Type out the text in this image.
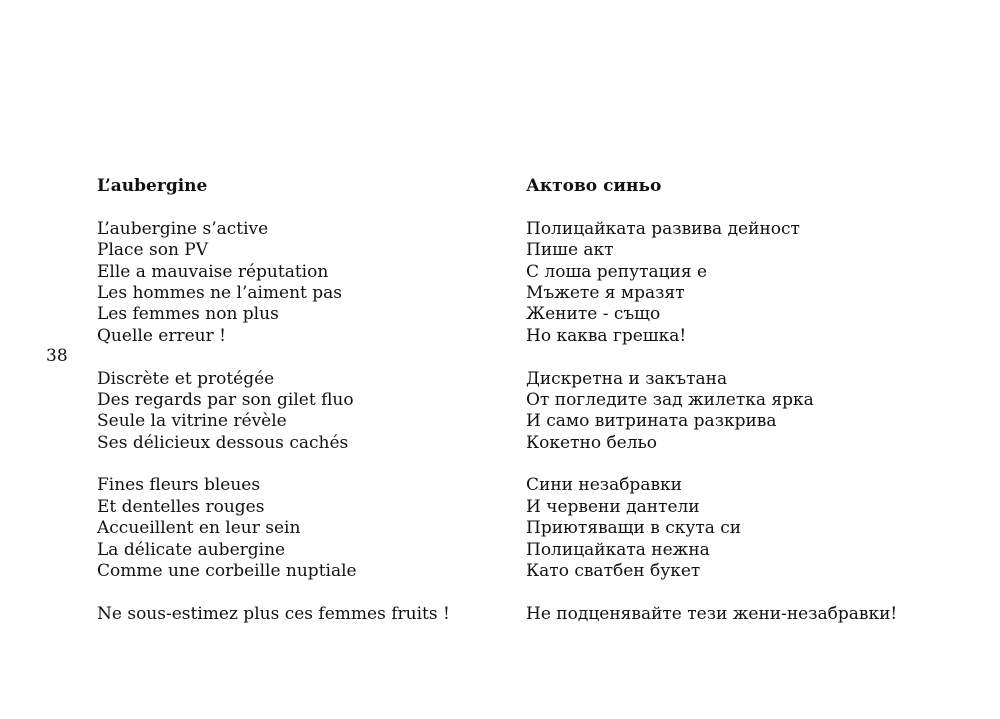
38
L’aubergine
L’aubergine s’active
Place son PV
Elle a mauvaise réputation
Les hommes ne l’aiment pas
Les femmes non plus
Quelle erreur !
Discrète et protégée
Des regards par son gilet fluo
Seule la vitrine révèle
Ses délicieux dessous cachés
Fines fleurs bleues
Et dentelles rouges
Accueillent en leur sein
La délicate aubergine
Comme une corbeille nuptiale
Ne sous-estimez plus ces femmes fruits !
Актово синьо
Полицайката развива дейност
Пише акт
С лоша репутация е
Мъжете я мразят
Жените - също
Но каква грешка!
Дискретна и закътана
От погледите зад жилетка ярка
И само витрината разкрива
Кокетно бельо
Сини незабравки
И червени дантели
Приютяващи в скута си
Полицайката нежна
Като сватбен букет
Не подценявайте тези жени-незабравки!
